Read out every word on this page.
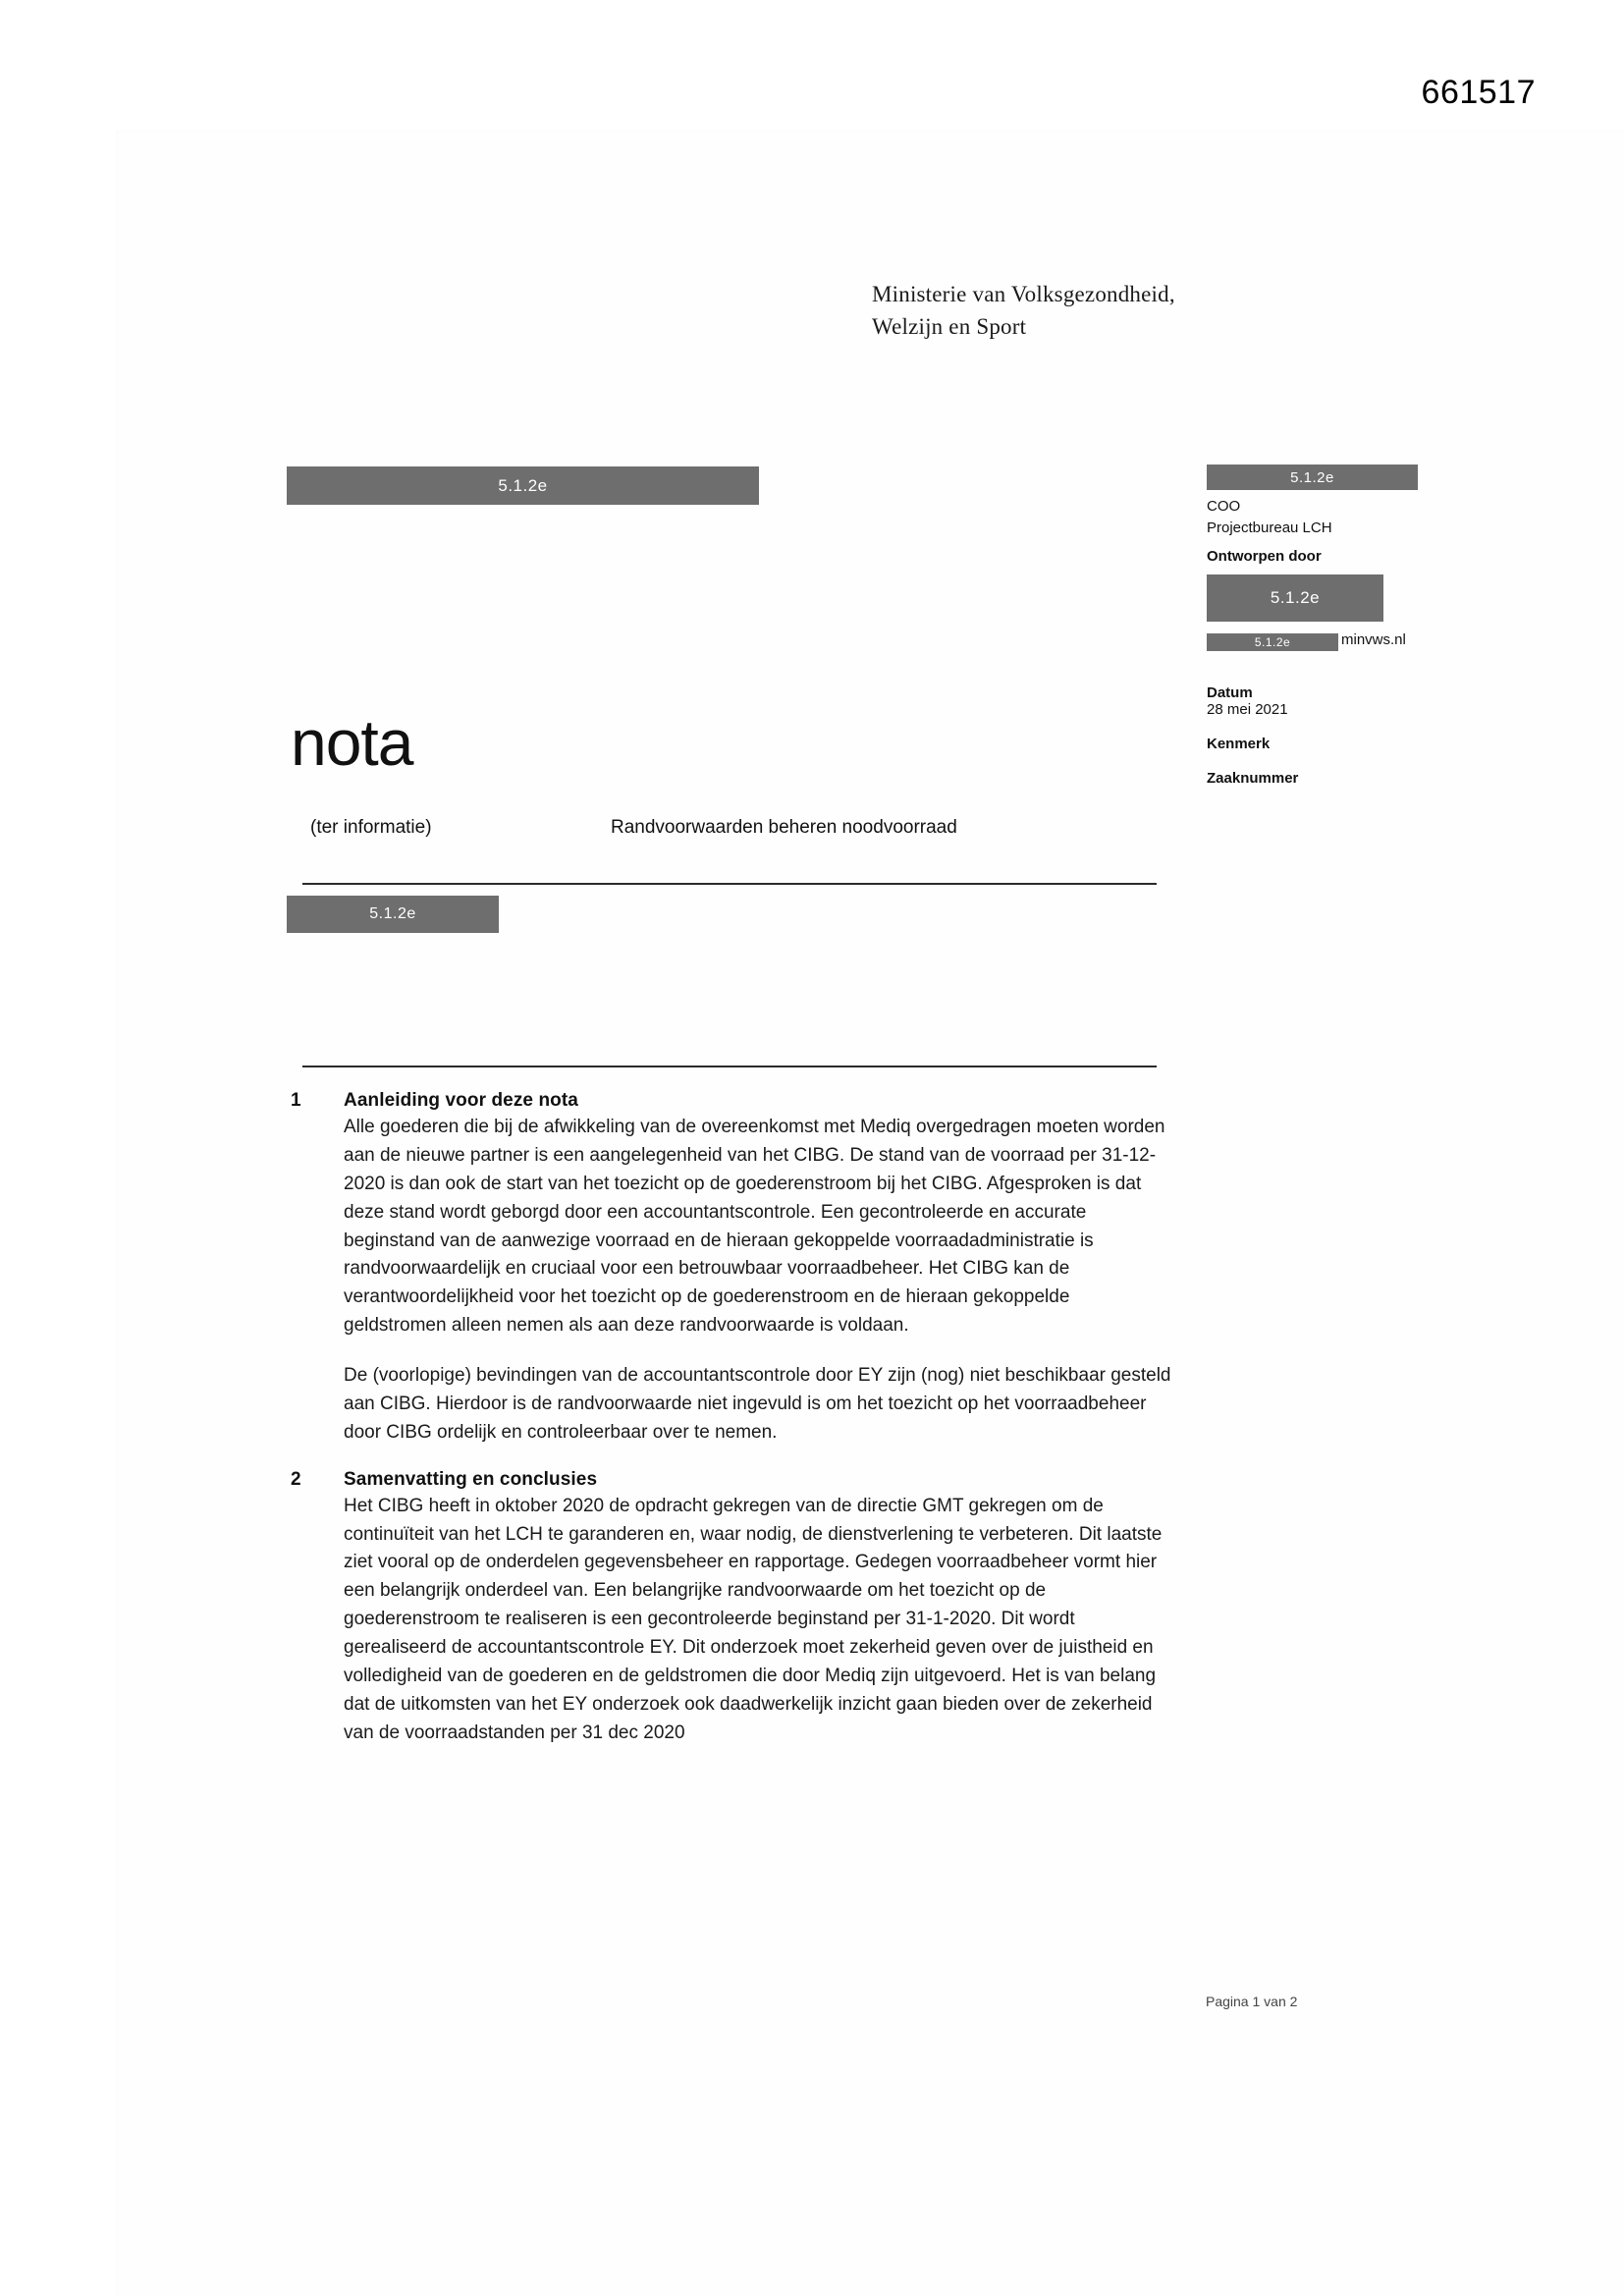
661517
Ministerie van Volksgezondheid,
Welzijn en Sport
5.1.2e	5.1.2e
COO
Projectbureau LCH
Ontworpen door
5.1.2e
5.1.2e	minvws.nl
Datum
28 mei 2021
Kenmerk
Zaaknummer
nota
(ter informatie)	Randvoorwaarden beheren noodvoorraad
5.1.2e
1 Aanleiding voor deze nota

Alle goederen die bij de afwikkeling van de overeenkomst met Mediq overgedragen moeten worden aan de nieuwe partner is een aangelegenheid van het CIBG. De stand van de voorraad per 31-12-2020 is dan ook de start van het toezicht op de goederenstroom bij het CIBG. Afgesproken is dat deze stand wordt geborgd door een accountantscontrole. Een gecontroleerde en accurate beginstand van de aanwezige voorraad en de hieraan gekoppelde voorraadadministratie is randvoorwaardelijk en cruciaal voor een betrouwbaar voorraadbeheer. Het CIBG kan de verantwoordelijkheid voor het toezicht op de goederenstroom en de hieraan gekoppelde geldstromen alleen nemen als aan deze randvoorwaarde is voldaan.

De (voorlopige) bevindingen van de accountantscontrole door EY zijn (nog) niet beschikbaar gesteld aan CIBG. Hierdoor is de randvoorwaarde niet ingevuld is om het toezicht op het voorraadbeheer door CIBG ordelijk en controleerbaar over te nemen.

2 Samenvatting en conclusies

Het CIBG heeft in oktober 2020 de opdracht gekregen van de directie GMT gekregen om de continuïteit van het LCH te garanderen en, waar nodig, de dienstverlening te verbeteren. Dit laatste ziet vooral op de onderdelen gegevensbeheer en rapportage. Gedegen voorraadbeheer vormt hier een belangrijk onderdeel van. Een belangrijke randvoorwaarde om het toezicht op de goederenstroom te realiseren is een gecontroleerde beginstand per 31-1-2020. Dit wordt gerealiseerd de accountantscontrole EY. Dit onderzoek moet zekerheid geven over de juistheid en volledigheid van de goederen en de geldstromen die door Mediq zijn uitgevoerd. Het is van belang dat de uitkomsten van het EY onderzoek ook daadwerkelijk inzicht gaan bieden over de zekerheid van de voorraadstanden per 31 dec 2020

Pagina 1 van 2
